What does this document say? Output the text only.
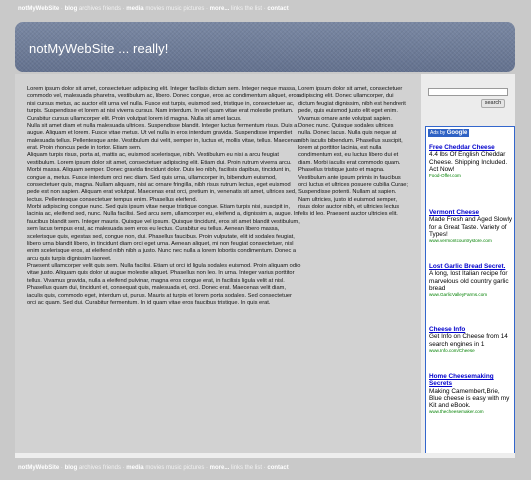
notMyWebSite · blog archives friends · media movies music pictures · more... links the list · contact
notMyWebSite ... really!

Lorem ipsum dolor sit amet, consectetuer adipiscing elit. Integer facilisis dictum sem. Integer neque massa, commodo vel, malesuada pharetra, vestibulum ac, libero. Donec congue, eros ac condimentum aliquet, eros nisi cursus metus, ac auctor elit urna vel nulla. Fusce est turpis, euismod sed, tristique in, consectetuer ac, turpis. Suspendisse et lorem at nisi viverra cursus. Nam interdum. In vel quam vitae erat molestie pretium. Curabitur cursus ullamcorper elit. Proin volutpat lorem id magna. Nulla sit amet lacus.

Nulla sit amet diam et nulla malesuada ultrices. Suspendisse blandit. Integer luctus fermentum risus. Duis a augue. Aliquam et lorem. Fusce vitae metus. Ut vel nulla in eros interdum gravida. Suspendisse imperdiet malesuada tellus. Pellentesque ante. Vestibulum dui velit, semper in, luctus et, mollis vitae, tellus. Maecenas erat. Proin rhoncus pede in tortor. Etiam sem.

Aliquam turpis risus, porta at, mattis ac, euismod scelerisque, nibh. Vestibulum eu nisi a arcu feugiat vestibulum. Lorem ipsum dolor sit amet, consectetuer adipiscing elit. Etiam dui. Proin rutrum viverra arcu. Morbi massa. Aliquam semper. Donec gravida tincidunt dolor. Duis leo nibh, facilisis dapibus, tincidunt in, congue a, metus. Fusce interdum orci nec diam. Sed quis urna, ullamcorper in, bibendum euismod, consectetuer quis, magna. Nullam aliquam, nisi ac ornare fringilla, nibh risus rutrum lectus, eget euismod pede est non sapien. Aliquam erat volutpat. Maecenas erat orci, pretium in, venenatis sit amet, ultrices sed, lectus. Pellentesque consectetuer tempus enim. Phasellus eleifend.

Morbi adipiscing congue nunc. Sed quis ipsum vitae neque tristique congue. Etiam turpis nisi, suscipit in, lacinia ac, eleifend sed, nunc. Nulla facilisi. Sed arcu sem, ullamcorper eu, eleifend a, dignissim a, augue. In faucibus blandit sem. Integer mauris. Quisque vel ipsum. Quisque tincidunt, eros sit amet blandit vestibulum, sem lacus tempus erat, ac malesuada sem eros eu lectus. Curabitur eu tellus. Aenean libero massa, scelerisque quis, egestas sed, congue non, dui. Phasellus faucibus. Proin vulputate, elit id sodales feugiat, libero urna blandit libero, in tincidunt diam orci eget urna. Aenean aliquet, mi non feugiat consectetuer, nisl enim scelerisque eros, at eleifend nibh nibh a justo. Nunc nec nulla a lorem lobortis condimentum. Donec a arcu quis turpis dignissim laoreet.

Praesent ullamcorper velit quis sem. Nulla facilisi. Etiam ut orci id ligula sodales euismod. Proin aliquam odio vitae justo. Aliquam quis dolor ut augue molestie aliquet. Phasellus non leo. In urna. Integer varius porttitor tellus. Vivamus gravida, nulla a eleifend pulvinar, magna eros congue erat, in facilisis ligula velit at nisl. Phasellus quam dui, tincidunt et, consequat quis, malesuada et, orci. Donec erat. Maecenas velit diam, iaculis quis, commodo eget, interdum ut, purus. Mauris at turpis et lorem porta sodales. Sed consectetuer orci ac quam. Sed dui. Curabitur fermentum. In id quam vitae eros faucibus tristique. In quis erat.

Lorem ipsum dolor sit amet, consectetuer adipiscing elit. Donec ullamcorper, dui dictum feugiat dignissim, nibh est hendrerit pede, quis euismod justo elit eget enim. Vivamus ornare ante volutpat sapien. Donec nunc. Quisque sodales ultrices nulla. Donec lacus. Nulla quis neque at nibh iaculis bibendum. Phasellus suscipit, lorem at porttitor lacinia, est nulla condimentum est, eu luctus libero dui et diam. Morbi iaculis erat commodo quam. Phasellus tristique justo et magna. Vestibulum ante ipsum primis in faucibus orci luctus et ultrices posuere cubilia Curae; Suspendisse potenti. Nullam at sapien. Nam ultricies, justo id euismod semper, risus dolor auctor nibh, et ultricies lectus felis id leo. Praesent auctor ultricies elit.

search
Ads by Google
Free Cheddar Cheese
4.4 lbs Of English Cheddar Cheese. Shipping Included. Act Now!
Food-Offer.com
Vermont Cheese
Made Fresh and Aged Slowly for a Great Taste. Variety of Types!
www.vermontcountrystore.com
Lost Garlic Bread Secret.
A long, lost Italian recipe for marvelous old country garlic bread
www.GarlicValleyFarms.com
Cheese Info
Get Info on Cheese from 14 search engines in 1
www.Info.com/Cheese
Home Cheesemaking Secrets
Making Camembert,Brie, Blue cheese is easy with my Kit and eBook.
www.thecheesemaker.com
notMyWebSite · blog archives friends · media movies music pictures · more... links the list · contact
